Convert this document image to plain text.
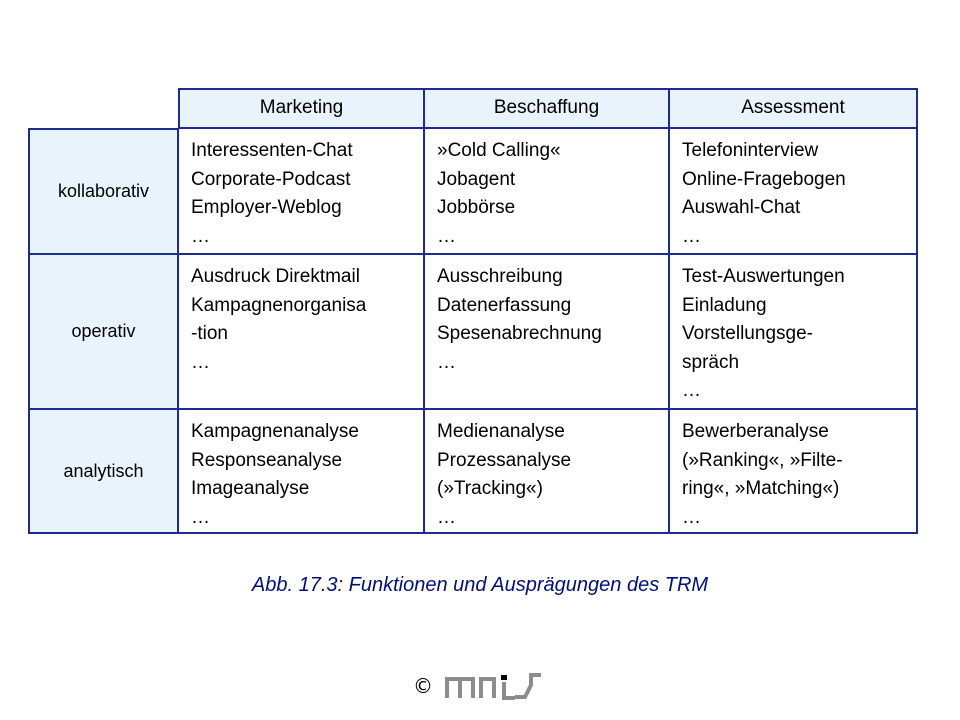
Marketing	Beschaffung	Assessment
kollaborativ
operativ
analytisch
Interessenten-Chat
Corporate-Podcast
Employer-Weblog
…
»Cold Calling«
Jobagent
Jobbörse
…
Telefoninterview
Online-Fragebogen
Auswahl-Chat
…
Ausdruck Direktmail
Kampagnenorganisa
-tion
…
Ausschreibung
Datenerfassung
Spesenabrechnung
…
Test-Auswertungen
Einladung
Vorstellungsge-
spräch
…
Kampagnenanalyse
Responseanalyse
Imageanalyse
…
Medienanalyse
Prozessanalyse
(»Tracking«)
…
Bewerberanalyse
(»Ranking«, »Filte-
ring«, »Matching«)
…
Abb. 17.3: Funktionen und Ausprägungen des TRM
©
